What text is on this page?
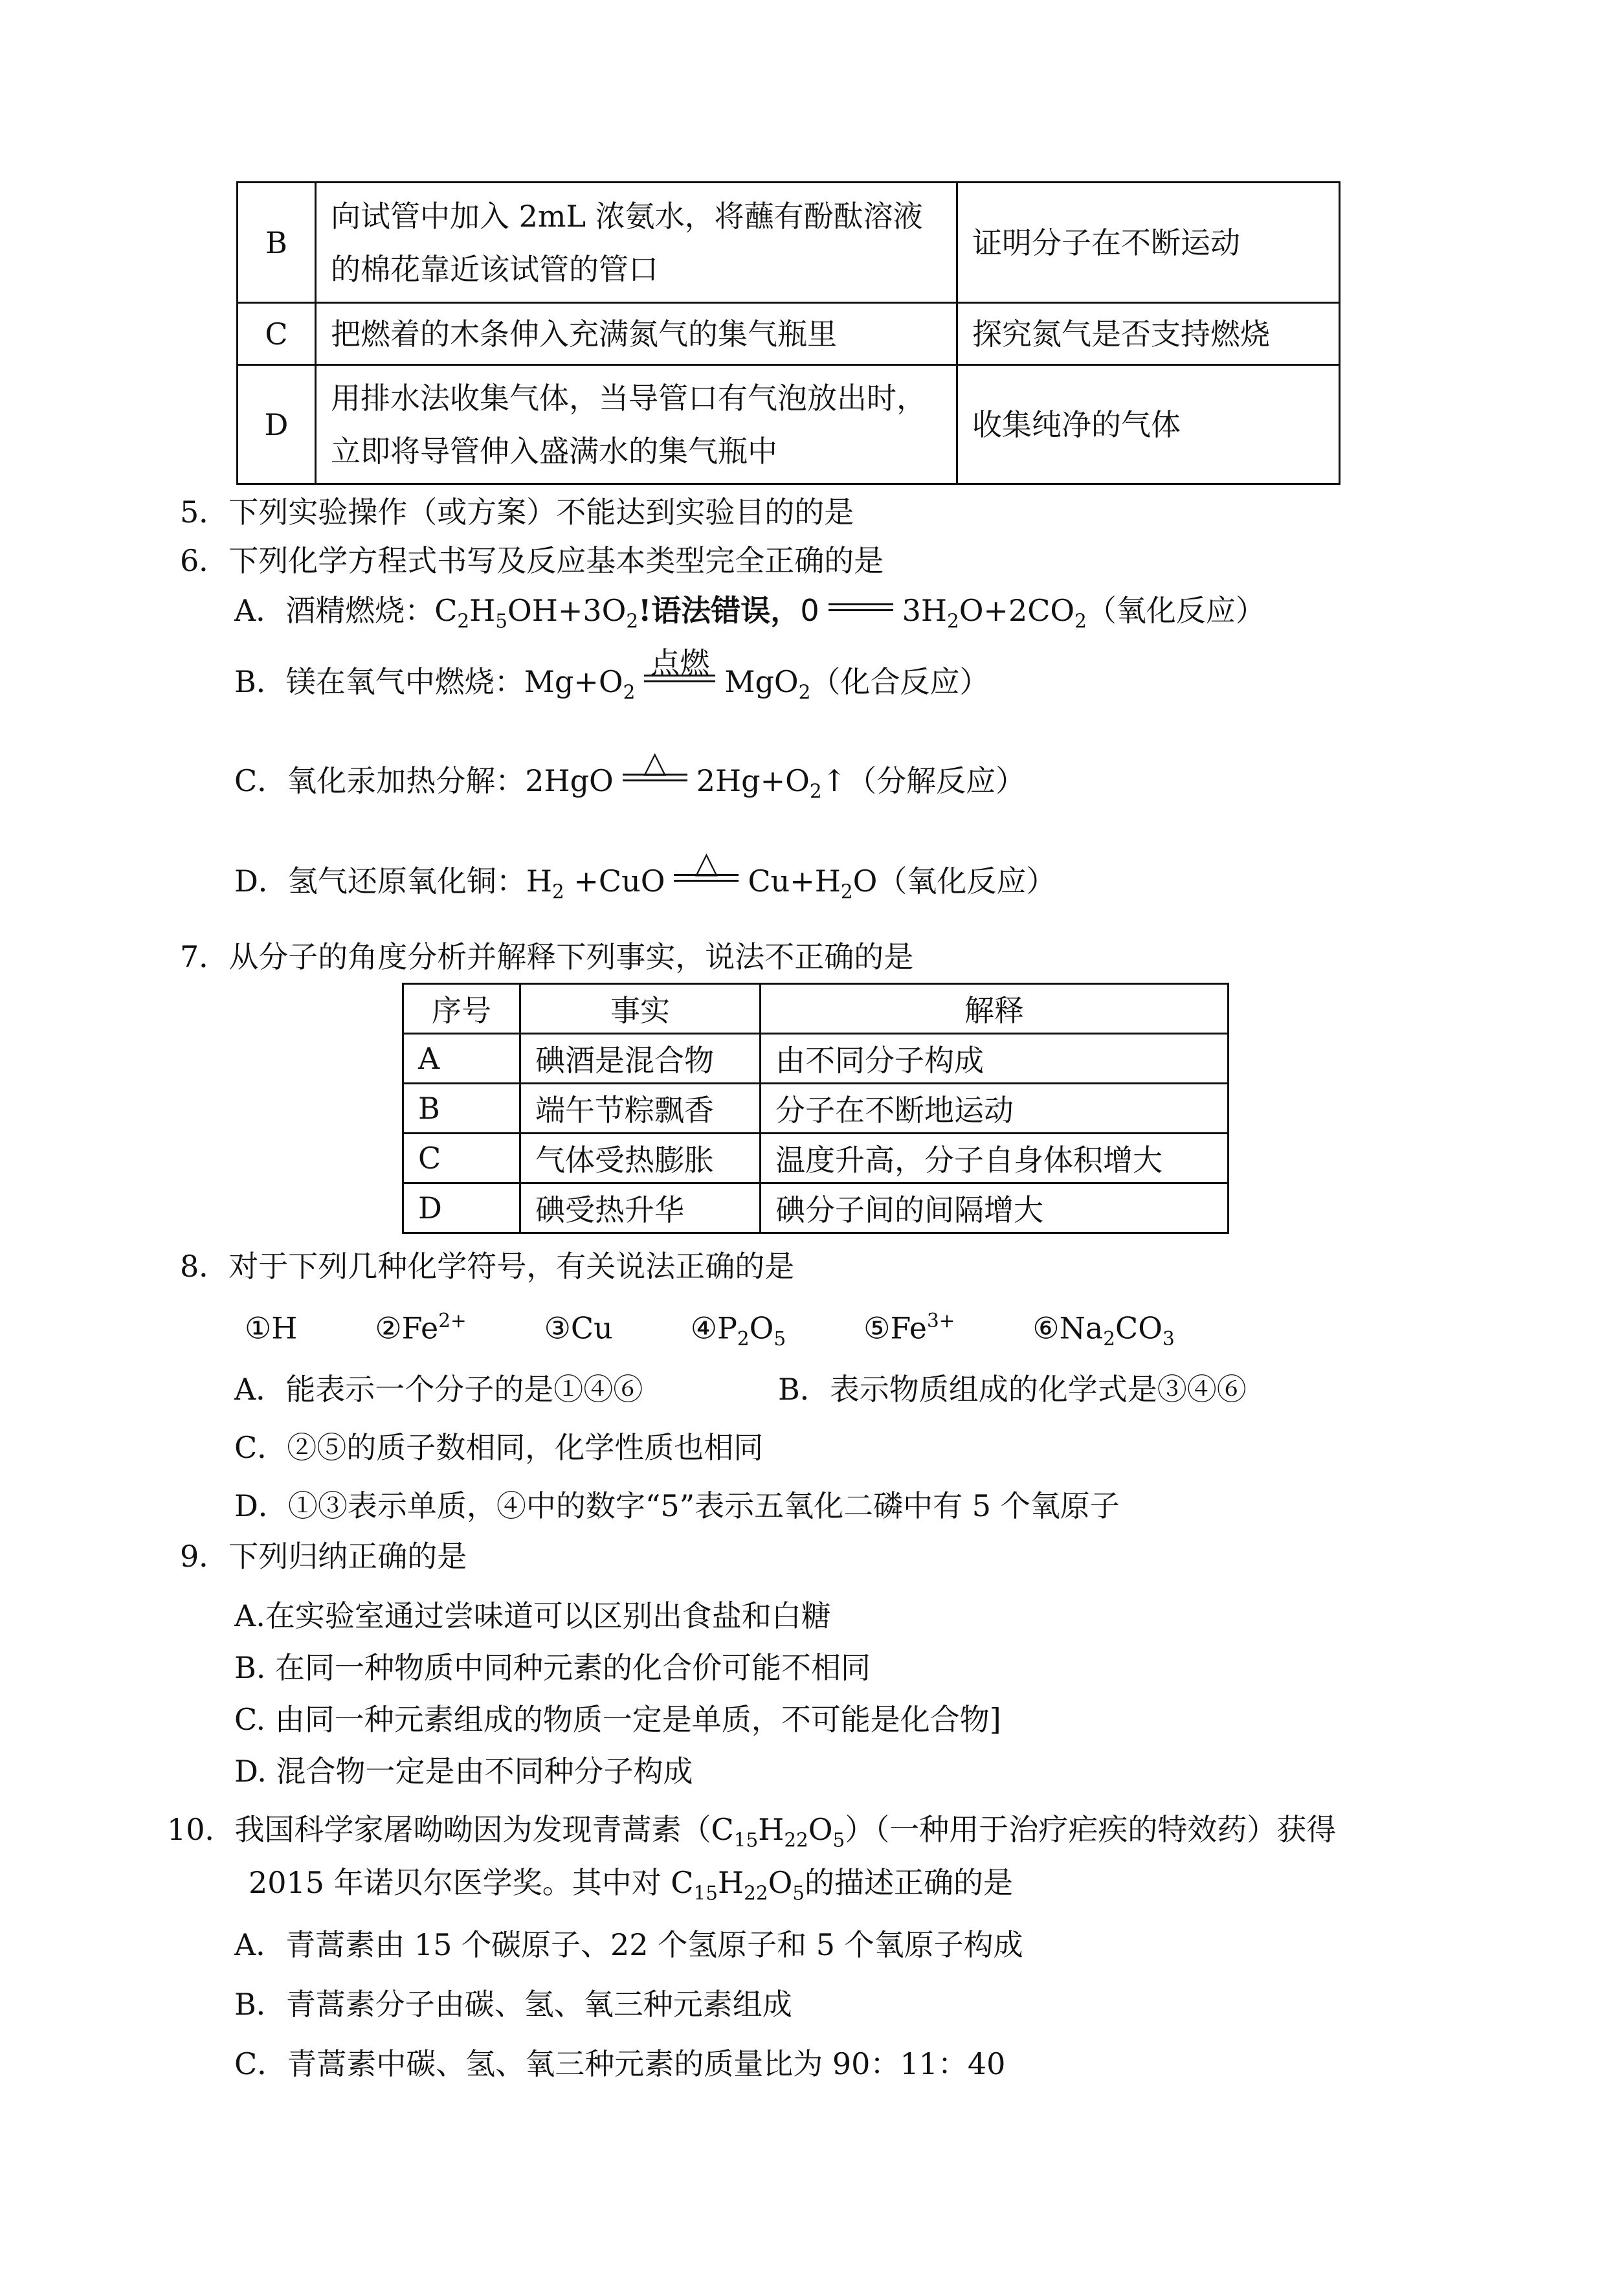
B	向试管中加入 2mL 浓氨水，将蘸有酚酞溶液
的棉花靠近该试管的管口	证明分子在不断运动
C	把燃着的木条伸入充满氮气的集气瓶里	探究氮气是否支持燃烧
D	用排水法收集气体，当导管口有气泡放出时，
立即将导管伸入盛满水的集气瓶中	收集纯净的气体
5．下列实验操作（或方案）不能达到实验目的的是
6．下列化学方程式书写及反应基本类型完全正确的是
A．酒精燃烧：$C_2H_5OH+3O_2$!语法错误，0	$3H_2O+2CO_2$（氧化反应）
B．镁在氧气中燃烧：$Mg+O_2$
点燃
MgO$_2$（化合反应）
C．氧化汞加热分解：2HgO
△
$2Hg+O_2↑$（分解反应）
D．氢气还原氧化铜：$H_2 +CuO$
△
$Cu+H_2O$（氧化反应）
7．从分子的角度分析并解释下列事实，说法不正确的是
序号	事实	解释
A	碘酒是混合物	由不同分子构成
B	端午节粽飘香	分子在不断地运动
C	气体受热膨胀	温度升高，分子自身体积增大
D	碘受热升华	碘分子间的间隔增大
8．对于下列几种化学符号，有关说法正确的是
①H	$②Fe^{2+}$	③Cu	$④P_2O_5$	$⑤Fe^{3+}$	$⑥Na_2CO_3$
A．能表示一个分子的是①④⑥	B．表示物质组成的化学式是③④⑥
C．②⑤的质子数相同，化学性质也相同
D．①③表示单质，④中的数字“5”表示五氧化二磷中有 5 个氧原子
9．下列归纳正确的是
A.在实验室通过尝味道可以区别出食盐和白糖
B. 在同一种物质中同种元素的化合价可能不相同
C. 由同一种元素组成的物质一定是单质，不可能是化合物]
D. 混合物一定是由不同种分子构成
10．我国科学家屠呦呦因为发现青蒿素$(C_{15}H_{22}O_5)$（一种用于治疗疟疾的特效药）获得
2015 年诺贝尔医学奖。其中对 $C_{15}H_{22}O_5$的描述正确的是
A．青蒿素由 15 个碳原子、22 个氢原子和 5 个氧原子构成
B．青蒿素分子由碳、氢、氧三种元素组成
C．青蒿素中碳、氢、氧三种元素的质量比为 90：11：40
